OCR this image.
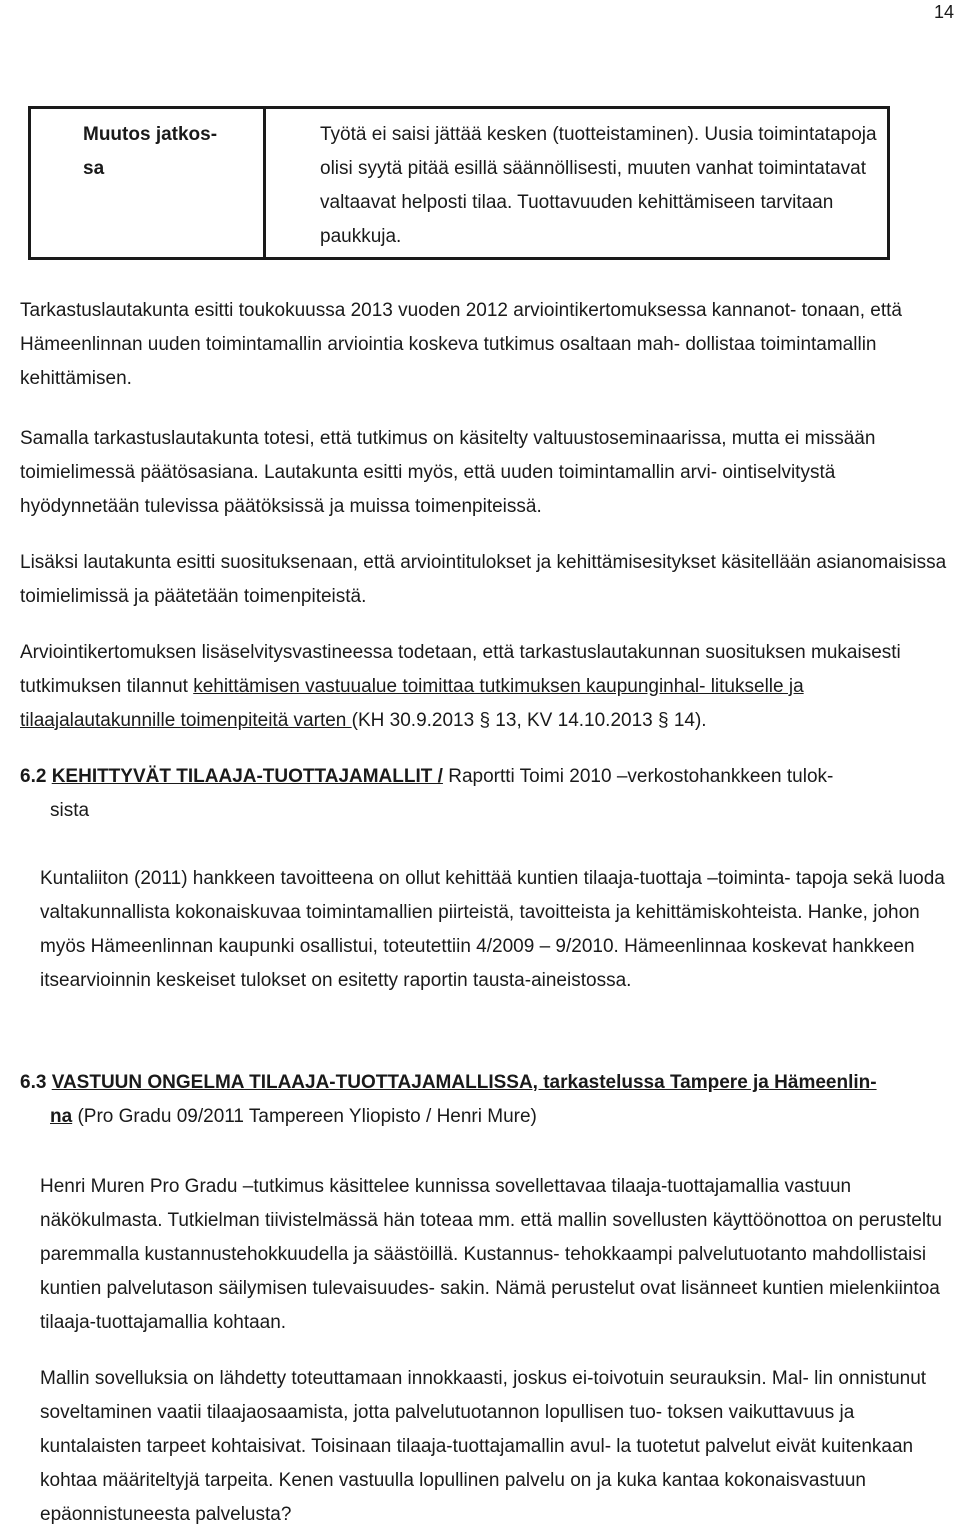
14
Muutos jatkos-
sa
Työtä ei saisi jättää kesken (tuotteistaminen). Uusia toimintatapoja olisi syytä pitää esillä säännöllisesti, muuten vanhat toimintatavat valtaavat helposti tilaa. Tuottavuuden kehittämiseen tarvitaan paukkuja.

Tarkastuslautakunta esitti toukokuussa 2013 vuoden 2012 arviointikertomuksessa kannanot- tonaan, että Hämeenlinnan uuden toimintamallin arviointia koskeva tutkimus osaltaan mah- dollistaa toimintamallin kehittämisen.

Samalla tarkastuslautakunta totesi, että tutkimus on käsitelty valtuustoseminaarissa, mutta ei missään toimielimessä päätösasiana. Lautakunta esitti myös, että uuden toimintamallin arvi- ointiselvitystä hyödynnetään tulevissa päätöksissä ja muissa toimenpiteissä.

Lisäksi lautakunta esitti suosituksenaan, että arviointitulokset ja kehittämisesitykset käsitellään asianomaisissa toimielimissä ja päätetään toimenpiteistä.

Arviointikertomuksen lisäselvitysvastineessa todetaan, että tarkastuslautakunnan suosituksen mukaisesti tutkimuksen tilannut kehittämisen vastuualue toimittaa tutkimuksen kaupunginhal- litukselle ja tilaajalautakunnille toimenpiteitä varten (KH 30.9.2013 § 13, KV 14.10.2013 § 14).

6.2 KEHITTYVÄT TILAAJA-TUOTTAJAMALLIT / Raportti Toimi 2010 –verkostohankkeen tulok-
sista

Kuntaliiton (2011) hankkeen tavoitteena on ollut kehittää kuntien tilaaja-tuottaja –toiminta- tapoja sekä luoda valtakunnallista kokonaiskuvaa toimintamallien piirteistä, tavoitteista ja kehittämiskohteista. Hanke, johon myös Hämeenlinnan kaupunki osallistui, toteutettiin 4/2009 – 9/2010. Hämeenlinnaa koskevat hankkeen itsearvioinnin keskeiset tulokset on esitetty raportin tausta-aineistossa.

6.3 VASTUUN ONGELMA TILAAJA-TUOTTAJAMALLISSA, tarkastelussa Tampere ja Hämeenlin-
na (Pro Gradu 09/2011 Tampereen Yliopisto / Henri Mure)

Henri Muren Pro Gradu –tutkimus käsittelee kunnissa sovellettavaa tilaaja-tuottajamallia vastuun näkökulmasta. Tutkielman tiivistelmässä hän toteaa mm. että mallin sovellusten käyttöönottoa on perusteltu paremmalla kustannustehokkuudella ja säästöillä. Kustannus- tehokkaampi palvelutuotanto mahdollistaisi kuntien palvelutason säilymisen tulevaisuudes- sakin. Nämä perustelut ovat lisänneet kuntien mielenkiintoa tilaaja-tuottajamallia kohtaan.

Mallin sovelluksia on lähdetty toteuttamaan innokkaasti, joskus ei-toivotuin seurauksin. Mal- lin onnistunut soveltaminen vaatii tilaajaosaamista, jotta palvelutuotannon lopullisen tuo- toksen vaikuttavuus ja kuntalaisten tarpeet kohtaisivat. Toisinaan tilaaja-tuottajamallin avul- la tuotetut palvelut eivät kuitenkaan kohtaa määriteltyjä tarpeita. Kenen vastuulla lopullinen palvelu on ja kuka kantaa kokonaisvastuun epäonnistuneesta palvelusta?
